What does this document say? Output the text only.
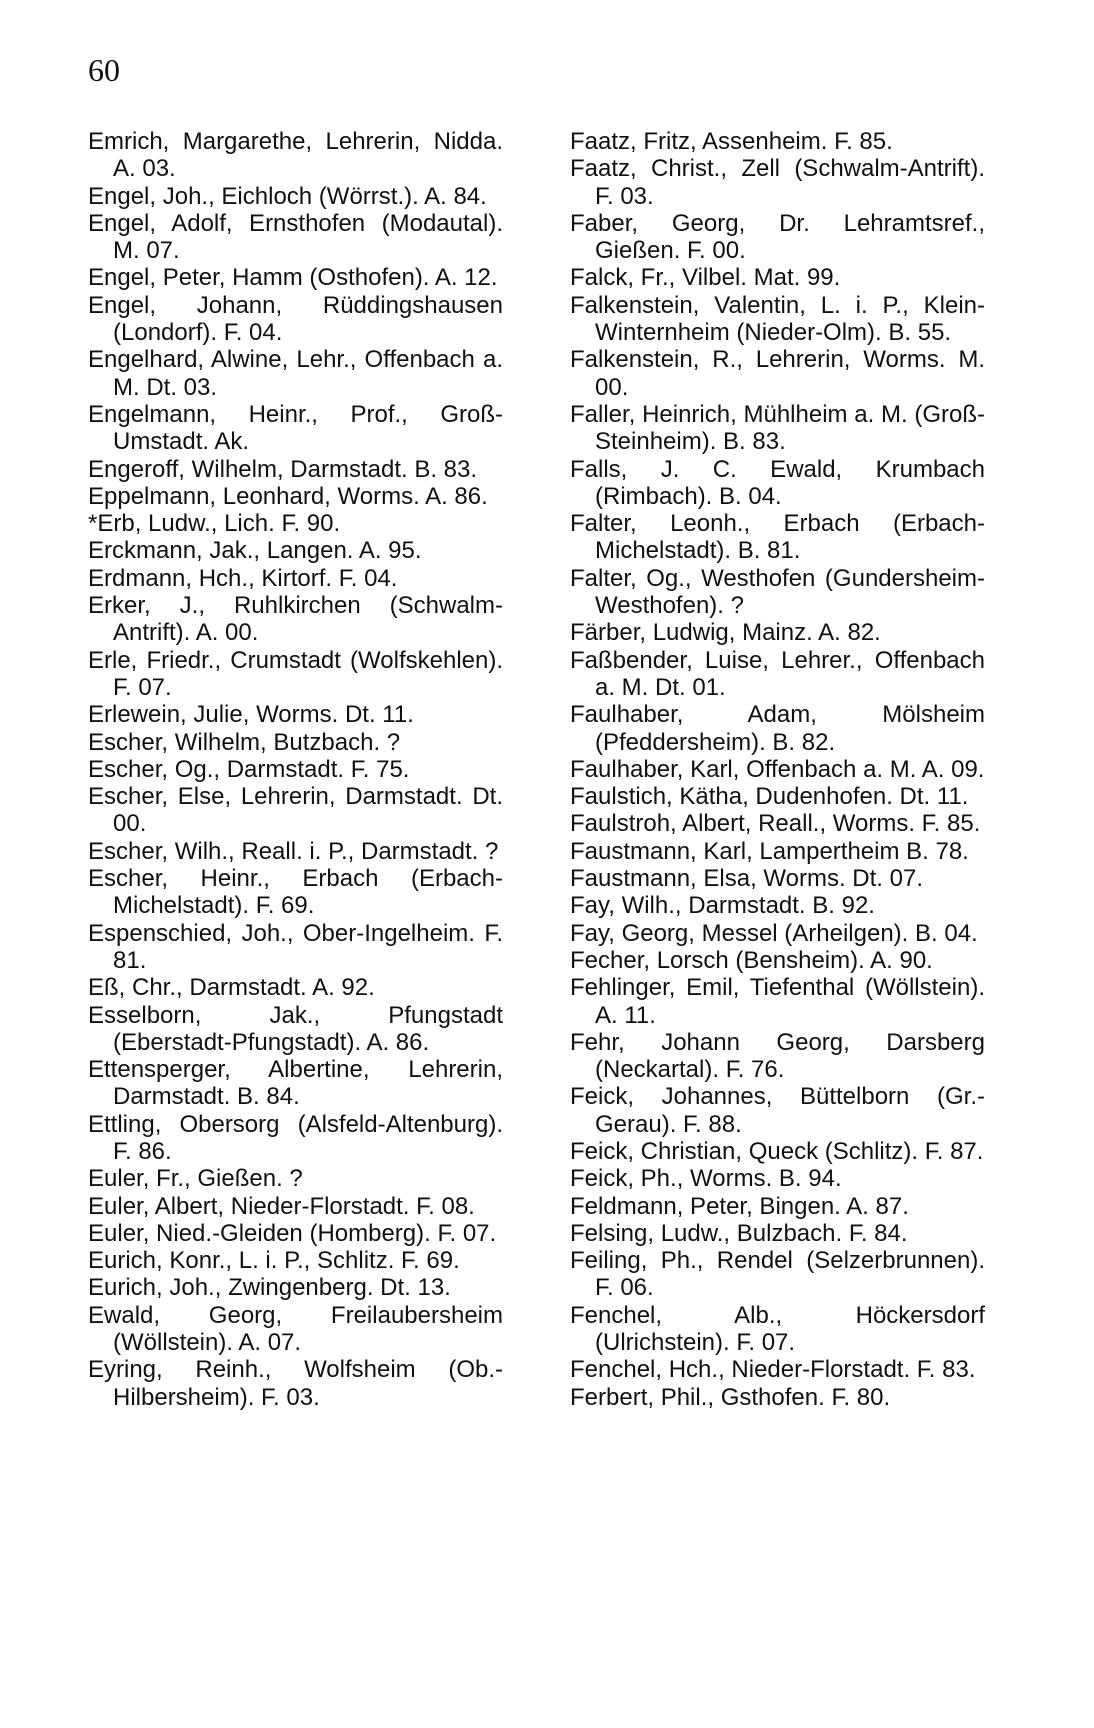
60
Emrich, Margarethe, Lehrerin, Nidda. A. 03.
Engel, Joh., Eichloch (Wörrst.). A. 84.
Engel, Adolf, Ernsthofen (Modautal). M. 07.
Engel, Peter, Hamm (Osthofen). A. 12.
Engel, Johann, Rüddingshausen (Londorf). F. 04.
Engelhard, Alwine, Lehr., Offenbach a. M. Dt. 03.
Engelmann, Heinr., Prof., Groß-Umstadt. Ak.
Engeroff, Wilhelm, Darmstadt. B. 83.
Eppelmann, Leonhard, Worms. A. 86.
*Erb, Ludw., Lich. F. 90.
Erckmann, Jak., Langen. A. 95.
Erdmann, Hch., Kirtorf. F. 04.
Erker, J., Ruhlkirchen (Schwalm-Antrift). A. 00.
Erle, Friedr., Crumstadt (Wolfskehlen). F. 07.
Erlewein, Julie, Worms. Dt. 11.
Escher, Wilhelm, Butzbach. ?
Escher, Og., Darmstadt. F. 75.
Escher, Else, Lehrerin, Darmstadt. Dt. 00.
Escher, Wilh., Reall. i. P., Darmstadt. ?
Escher, Heinr., Erbach (Erbach-Michelstadt). F. 69.
Espenschied, Joh., Ober-Ingelheim. F. 81.
Eß, Chr., Darmstadt. A. 92.
Esselborn, Jak., Pfungstadt (Eberstadt-Pfungstadt). A. 86.
Ettensperger, Albertine, Lehrerin, Darmstadt. B. 84.
Ettling, Obersorg (Alsfeld-Altenburg). F. 86.
Euler, Fr., Gießen. ?
Euler, Albert, Nieder-Florstadt. F. 08.
Euler, Nied.-Gleiden (Homberg). F. 07.
Eurich, Konr., L. i. P., Schlitz. F. 69.
Eurich, Joh., Zwingenberg. Dt. 13.
Ewald, Georg, Freilaubersheim (Wöllstein). A. 07.
Eyring, Reinh., Wolfsheim (Ob.-Hilbersheim). F. 03.
Faatz, Fritz, Assenheim. F. 85.
Faatz, Christ., Zell (Schwalm-Antrift). F. 03.
Faber, Georg, Dr. Lehramtsref., Gießen. F. 00.
Falck, Fr., Vilbel. Mat. 99.
Falkenstein, Valentin, L. i. P., Klein-Winternheim (Nieder-Olm). B. 55.
Falkenstein, R., Lehrerin, Worms. M. 00.
Faller, Heinrich, Mühlheim a. M. (Groß-Steinheim). B. 83.
Falls, J. C. Ewald, Krumbach (Rimbach). B. 04.
Falter, Leonh., Erbach (Erbach-Michelstadt). B. 81.
Falter, Og., Westhofen (Gundersheim-Westhofen). ?
Färber, Ludwig, Mainz. A. 82.
Faßbender, Luise, Lehrer., Offenbach a. M. Dt. 01.
Faulhaber, Adam, Mölsheim (Pfeddersheim). B. 82.
Faulhaber, Karl, Offenbach a. M. A. 09.
Faulstich, Kätha, Dudenhofen. Dt. 11.
Faulstroh, Albert, Reall., Worms. F. 85.
Faustmann, Karl, Lampertheim B. 78.
Faustmann, Elsa, Worms. Dt. 07.
Fay, Wilh., Darmstadt. B. 92.
Fay, Georg, Messel (Arheilgen). B. 04.
Fecher, Lorsch (Bensheim). A. 90.
Fehlinger, Emil, Tiefenthal (Wöllstein). A. 11.
Fehr, Johann Georg, Darsberg (Neckartal). F. 76.
Feick, Johannes, Büttelborn (Gr.-Gerau). F. 88.
Feick, Christian, Queck (Schlitz). F. 87.
Feick, Ph., Worms. B. 94.
Feldmann, Peter, Bingen. A. 87.
Felsing, Ludw., Bulzbach. F. 84.
Feiling, Ph., Rendel (Selzerbrunnen). F. 06.
Fenchel, Alb., Höckersdorf (Ulrichstein). F. 07.
Fenchel, Hch., Nieder-Florstadt. F. 83.
Ferbert, Phil., Gsthofen. F. 80.
